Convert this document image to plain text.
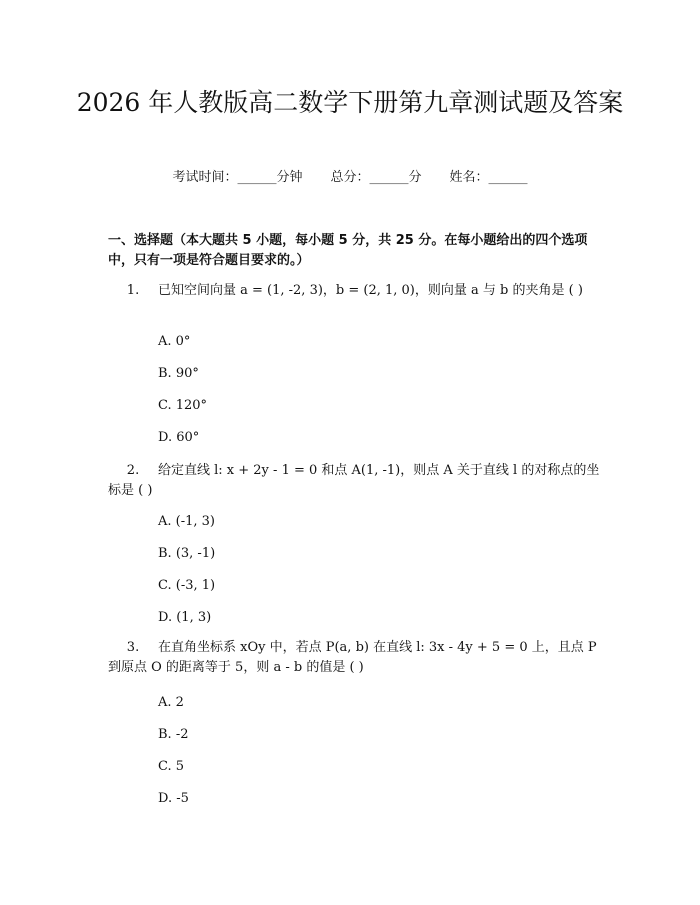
2026 年人教版高二数学下册第九章测试题及答案
考试时间：______分钟 总分：______分 姓名：______
一、选择题（本大题共 5 小题，每小题 5 分，共 25 分。在每小题给出的四个选项中，只有一项是符合题目要求的。）
1. 已知空间向量 a = (1, -2, 3)，b = (2, 1, 0)，则向量 a 与 b 的夹角是 ( )
A. 0°
B. 90°
C. 120°
D. 60°
2. 给定直线 l: x + 2y - 1 = 0 和点 A(1, -1)，则点 A 关于直线 l 的对称点的坐标是 ( )
A. (-1, 3)
B. (3, -1)
C. (-3, 1)
D. (1, 3)
3. 在直角坐标系 xOy 中，若点 P(a, b) 在直线 l: 3x - 4y + 5 = 0 上，且点 P 到原点 O 的距离等于 5，则 a - b 的值是 ( )
A. 2
B. -2
C. 5
D. -5
